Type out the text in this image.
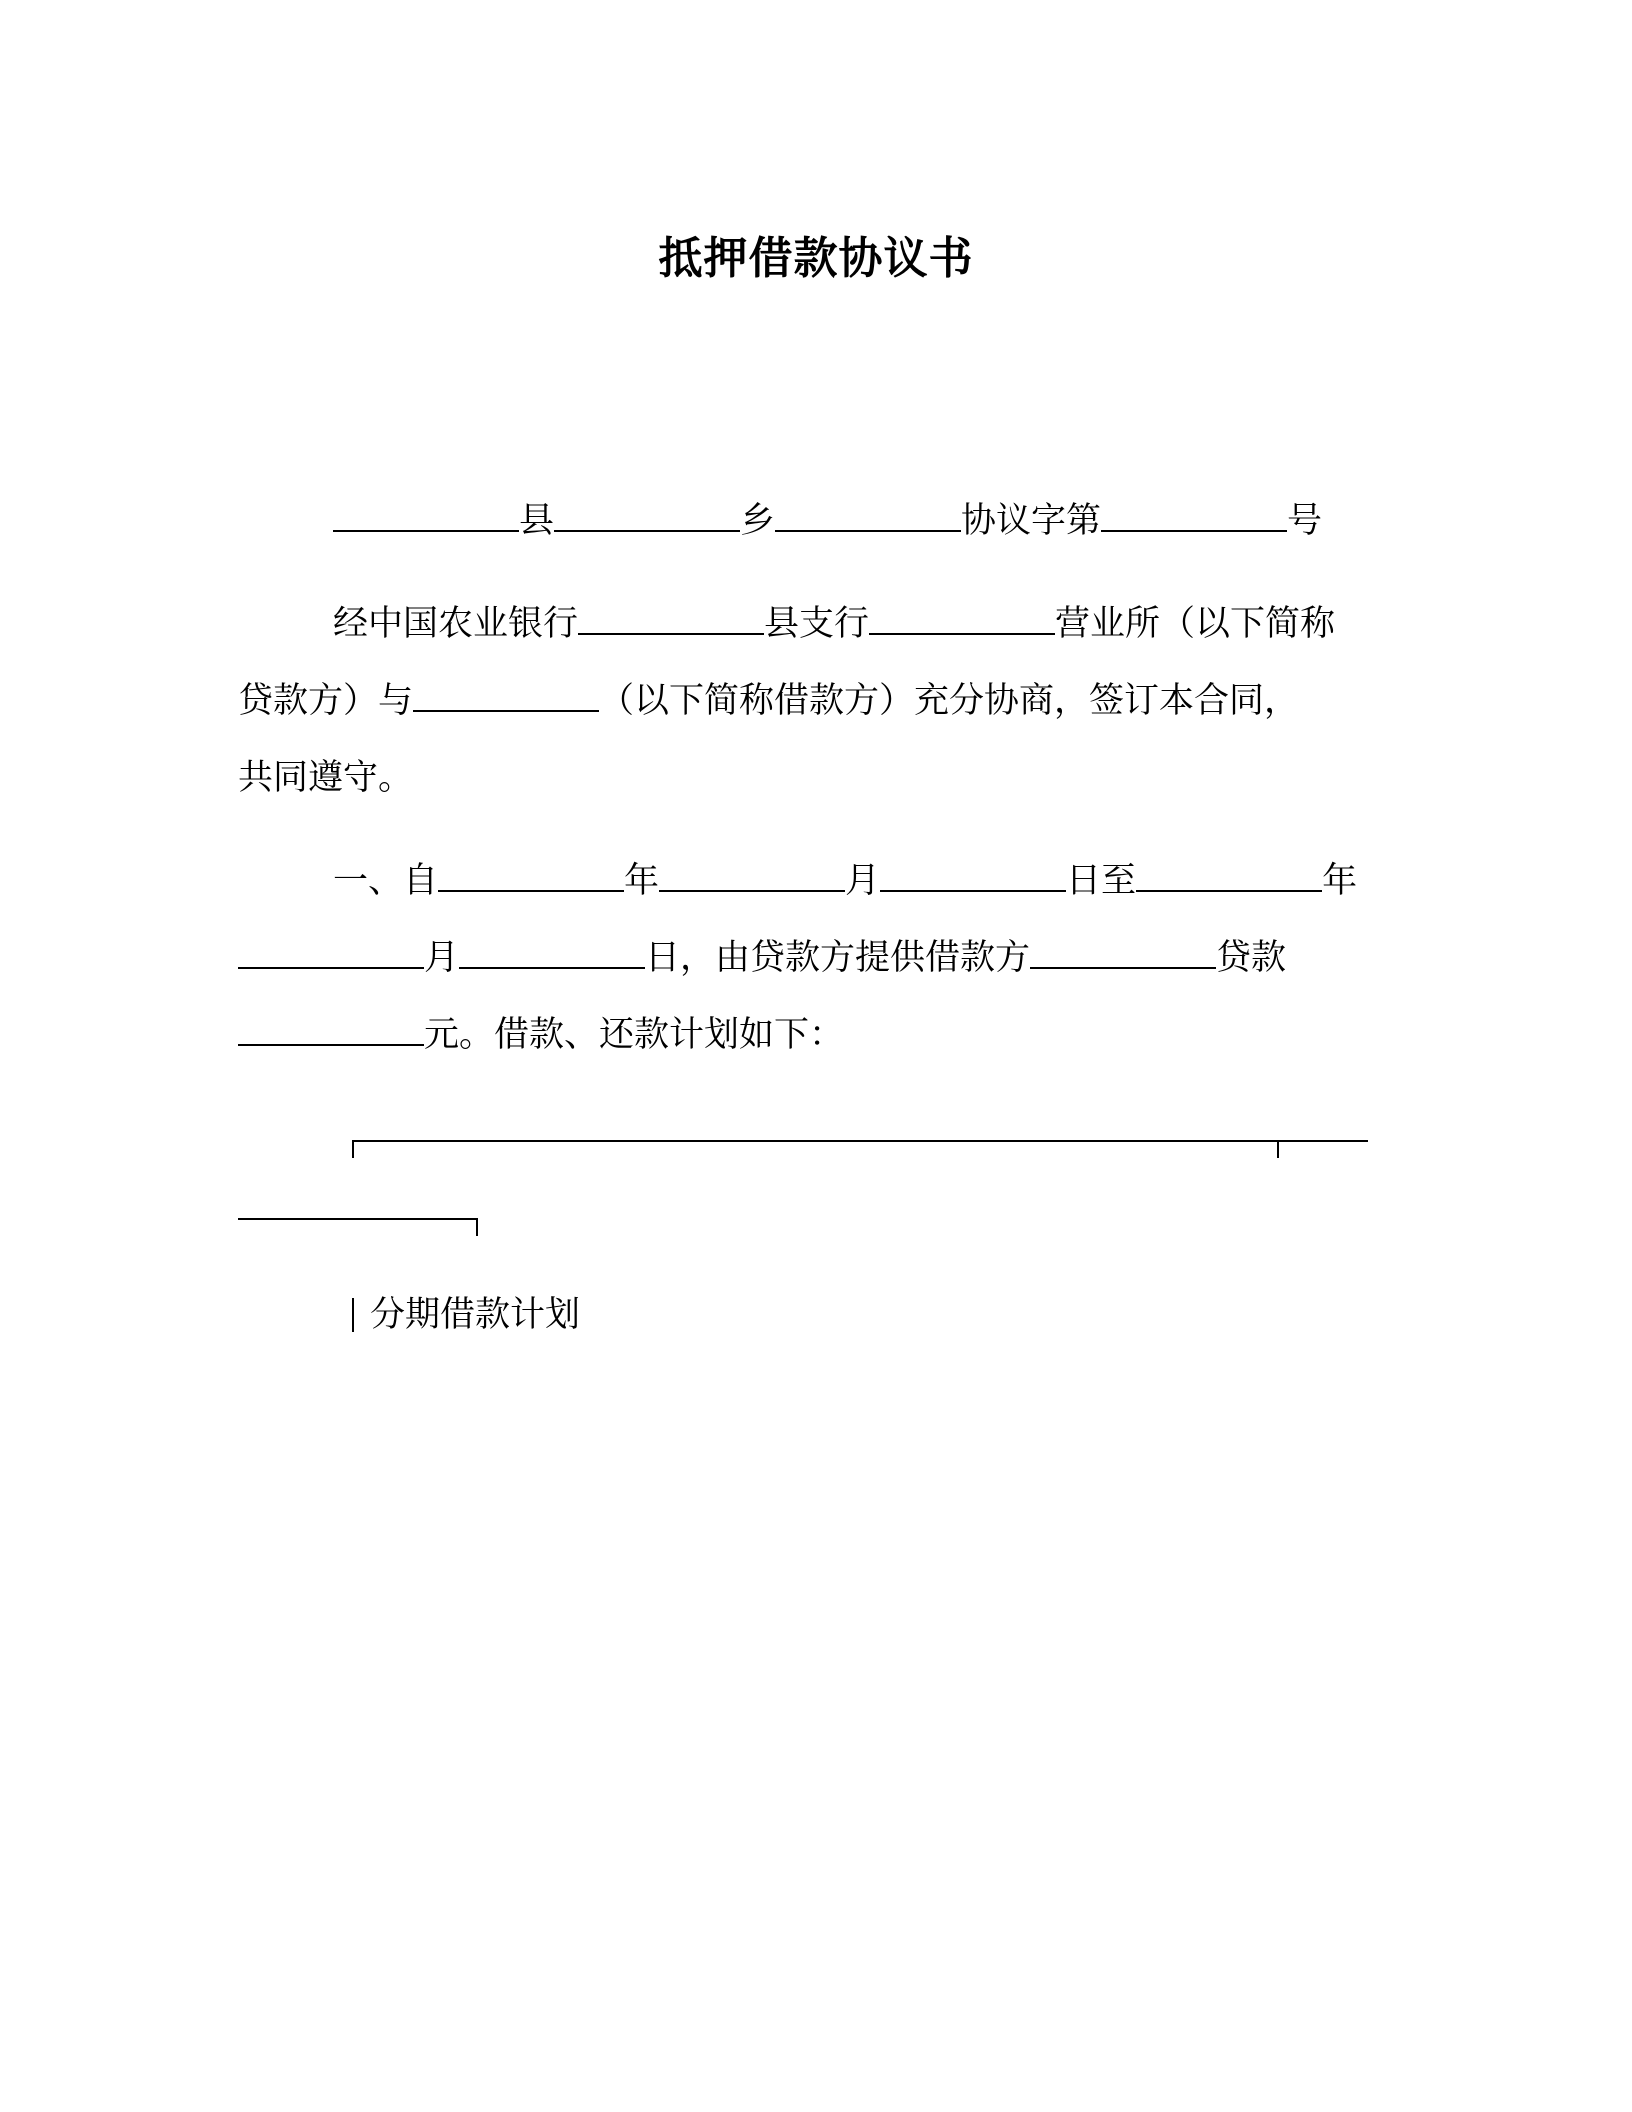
抵押借款协议书
县	乡	协议字第	号
经中国农业银行	县支行	营业所（以下简称
贷款方）与	（以下简称借款方）充分协商，签订本合同，
共同遵守。
一、自	年	月	日至	年
月	日，由贷款方提供借款方	贷款
元。借款、还款计划如下：
分期借款计划
